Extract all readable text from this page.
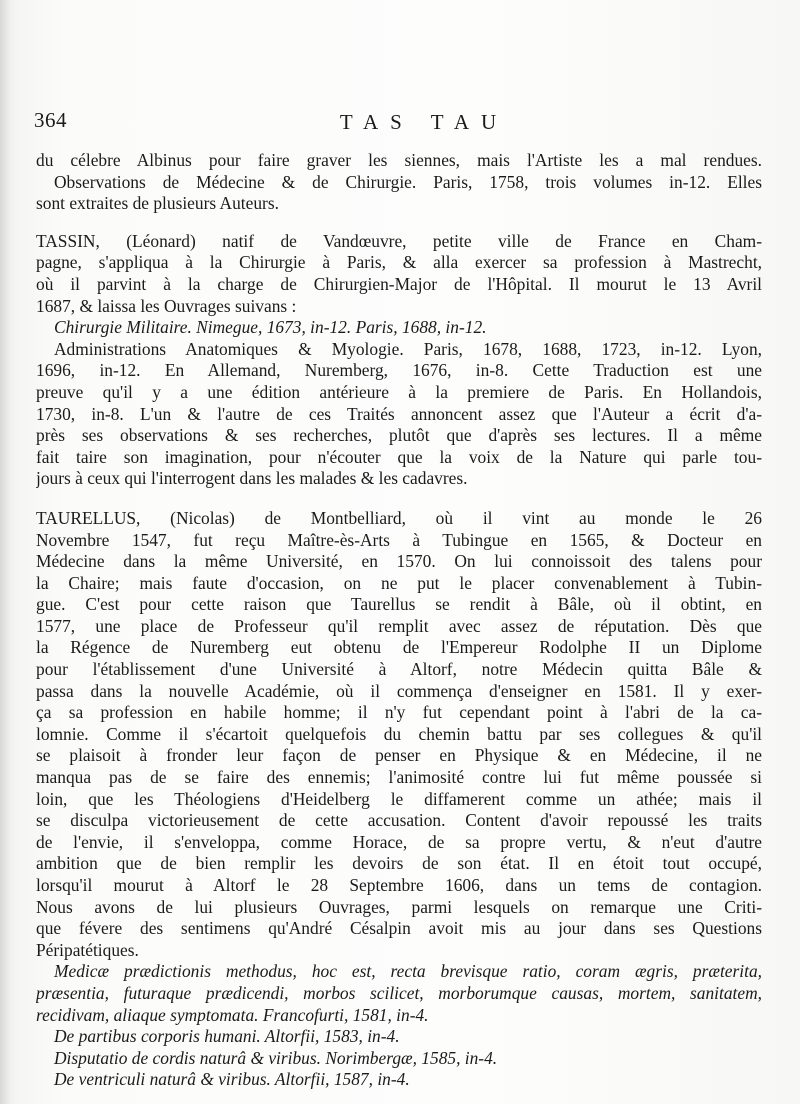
364	TAS TAU
du célebre Albinus pour faire graver les siennes, mais l'Artiste les a mal rendues.
Observations de Médecine & de Chirurgie. Paris, 1758, trois volumes in-12. Elles
sont extraites de plusieurs Auteurs.
TASSIN, (Léonard) natif de Vandœuvre, petite ville de France en Cham-
pagne, s'appliqua à la Chirurgie à Paris, & alla exercer sa profession à Mastrecht,
où il parvint à la charge de Chirurgien-Major de l'Hôpital. Il mourut le 13 Avril
1687, & laissa les Ouvrages suivans :
Chirurgie Militaire. Nimegue, 1673, in-12. Paris, 1688, in-12.
Administrations Anatomiques & Myologie. Paris, 1678, 1688, 1723, in-12. Lyon,
1696, in-12. En Allemand, Nuremberg, 1676, in-8. Cette Traduction est une
preuve qu'il y a une édition antérieure à la premiere de Paris. En Hollandois,
1730, in-8. L'un & l'autre de ces Traités annoncent assez que l'Auteur a écrit d'a-
près ses observations & ses recherches, plutôt que d'après ses lectures. Il a même
fait taire son imagination, pour n'écouter que la voix de la Nature qui parle tou-
jours à ceux qui l'interrogent dans les malades & les cadavres.
TAURELLUS, (Nicolas) de Montbelliard, où il vint au monde le 26
Novembre 1547, fut reçu Maître-ès-Arts à Tubingue en 1565, & Docteur en
Médecine dans la même Université, en 1570. On lui connoissoit des talens pour
la Chaire; mais faute d'occasion, on ne put le placer convenablement à Tubin-
gue. C'est pour cette raison que Taurellus se rendit à Bâle, où il obtint, en
1577, une place de Professeur qu'il remplit avec assez de réputation. Dès que
la Régence de Nuremberg eut obtenu de l'Empereur Rodolphe II un Diplome
pour l'établissement d'une Université à Altorf, notre Médecin quitta Bâle &
passa dans la nouvelle Académie, où il commença d'enseigner en 1581. Il y exer-
ça sa profession en habile homme; il n'y fut cependant point à l'abri de la ca-
lomnie. Comme il s'écartoit quelquefois du chemin battu par ses collegues & qu'il
se plaisoit à fronder leur façon de penser en Physique & en Médecine, il ne
manqua pas de se faire des ennemis; l'animosité contre lui fut même poussée si
loin, que les Théologiens d'Heidelberg le diffamerent comme un athée; mais il
se disculpa victorieusement de cette accusation. Content d'avoir repoussé les traits
de l'envie, il s'enveloppa, comme Horace, de sa propre vertu, & n'eut d'autre
ambition que de bien remplir les devoirs de son état. Il en étoit tout occupé,
lorsqu'il mourut à Altorf le 28 Septembre 1606, dans un tems de contagion.
Nous avons de lui plusieurs Ouvrages, parmi lesquels on remarque une Criti-
que févere des sentimens qu'André Césalpin avoit mis au jour dans ses Questions
Péripatétiques.
Medicæ prædictionis methodus, hoc est, recta brevisque ratio, coram ægris, præterita,
præsentia, futuraque prædicendi, morbos scilicet, morborumque causas, mortem, sanitatem,
recidivam, aliaque symptomata. Francofurti, 1581, in-4.
De partibus corporis humani. Altorfii, 1583, in-4.
Disputatio de cordis naturâ & viribus. Norimbergæ, 1585, in-4.
De ventriculi naturâ & viribus. Altorfii, 1587, in-4.
